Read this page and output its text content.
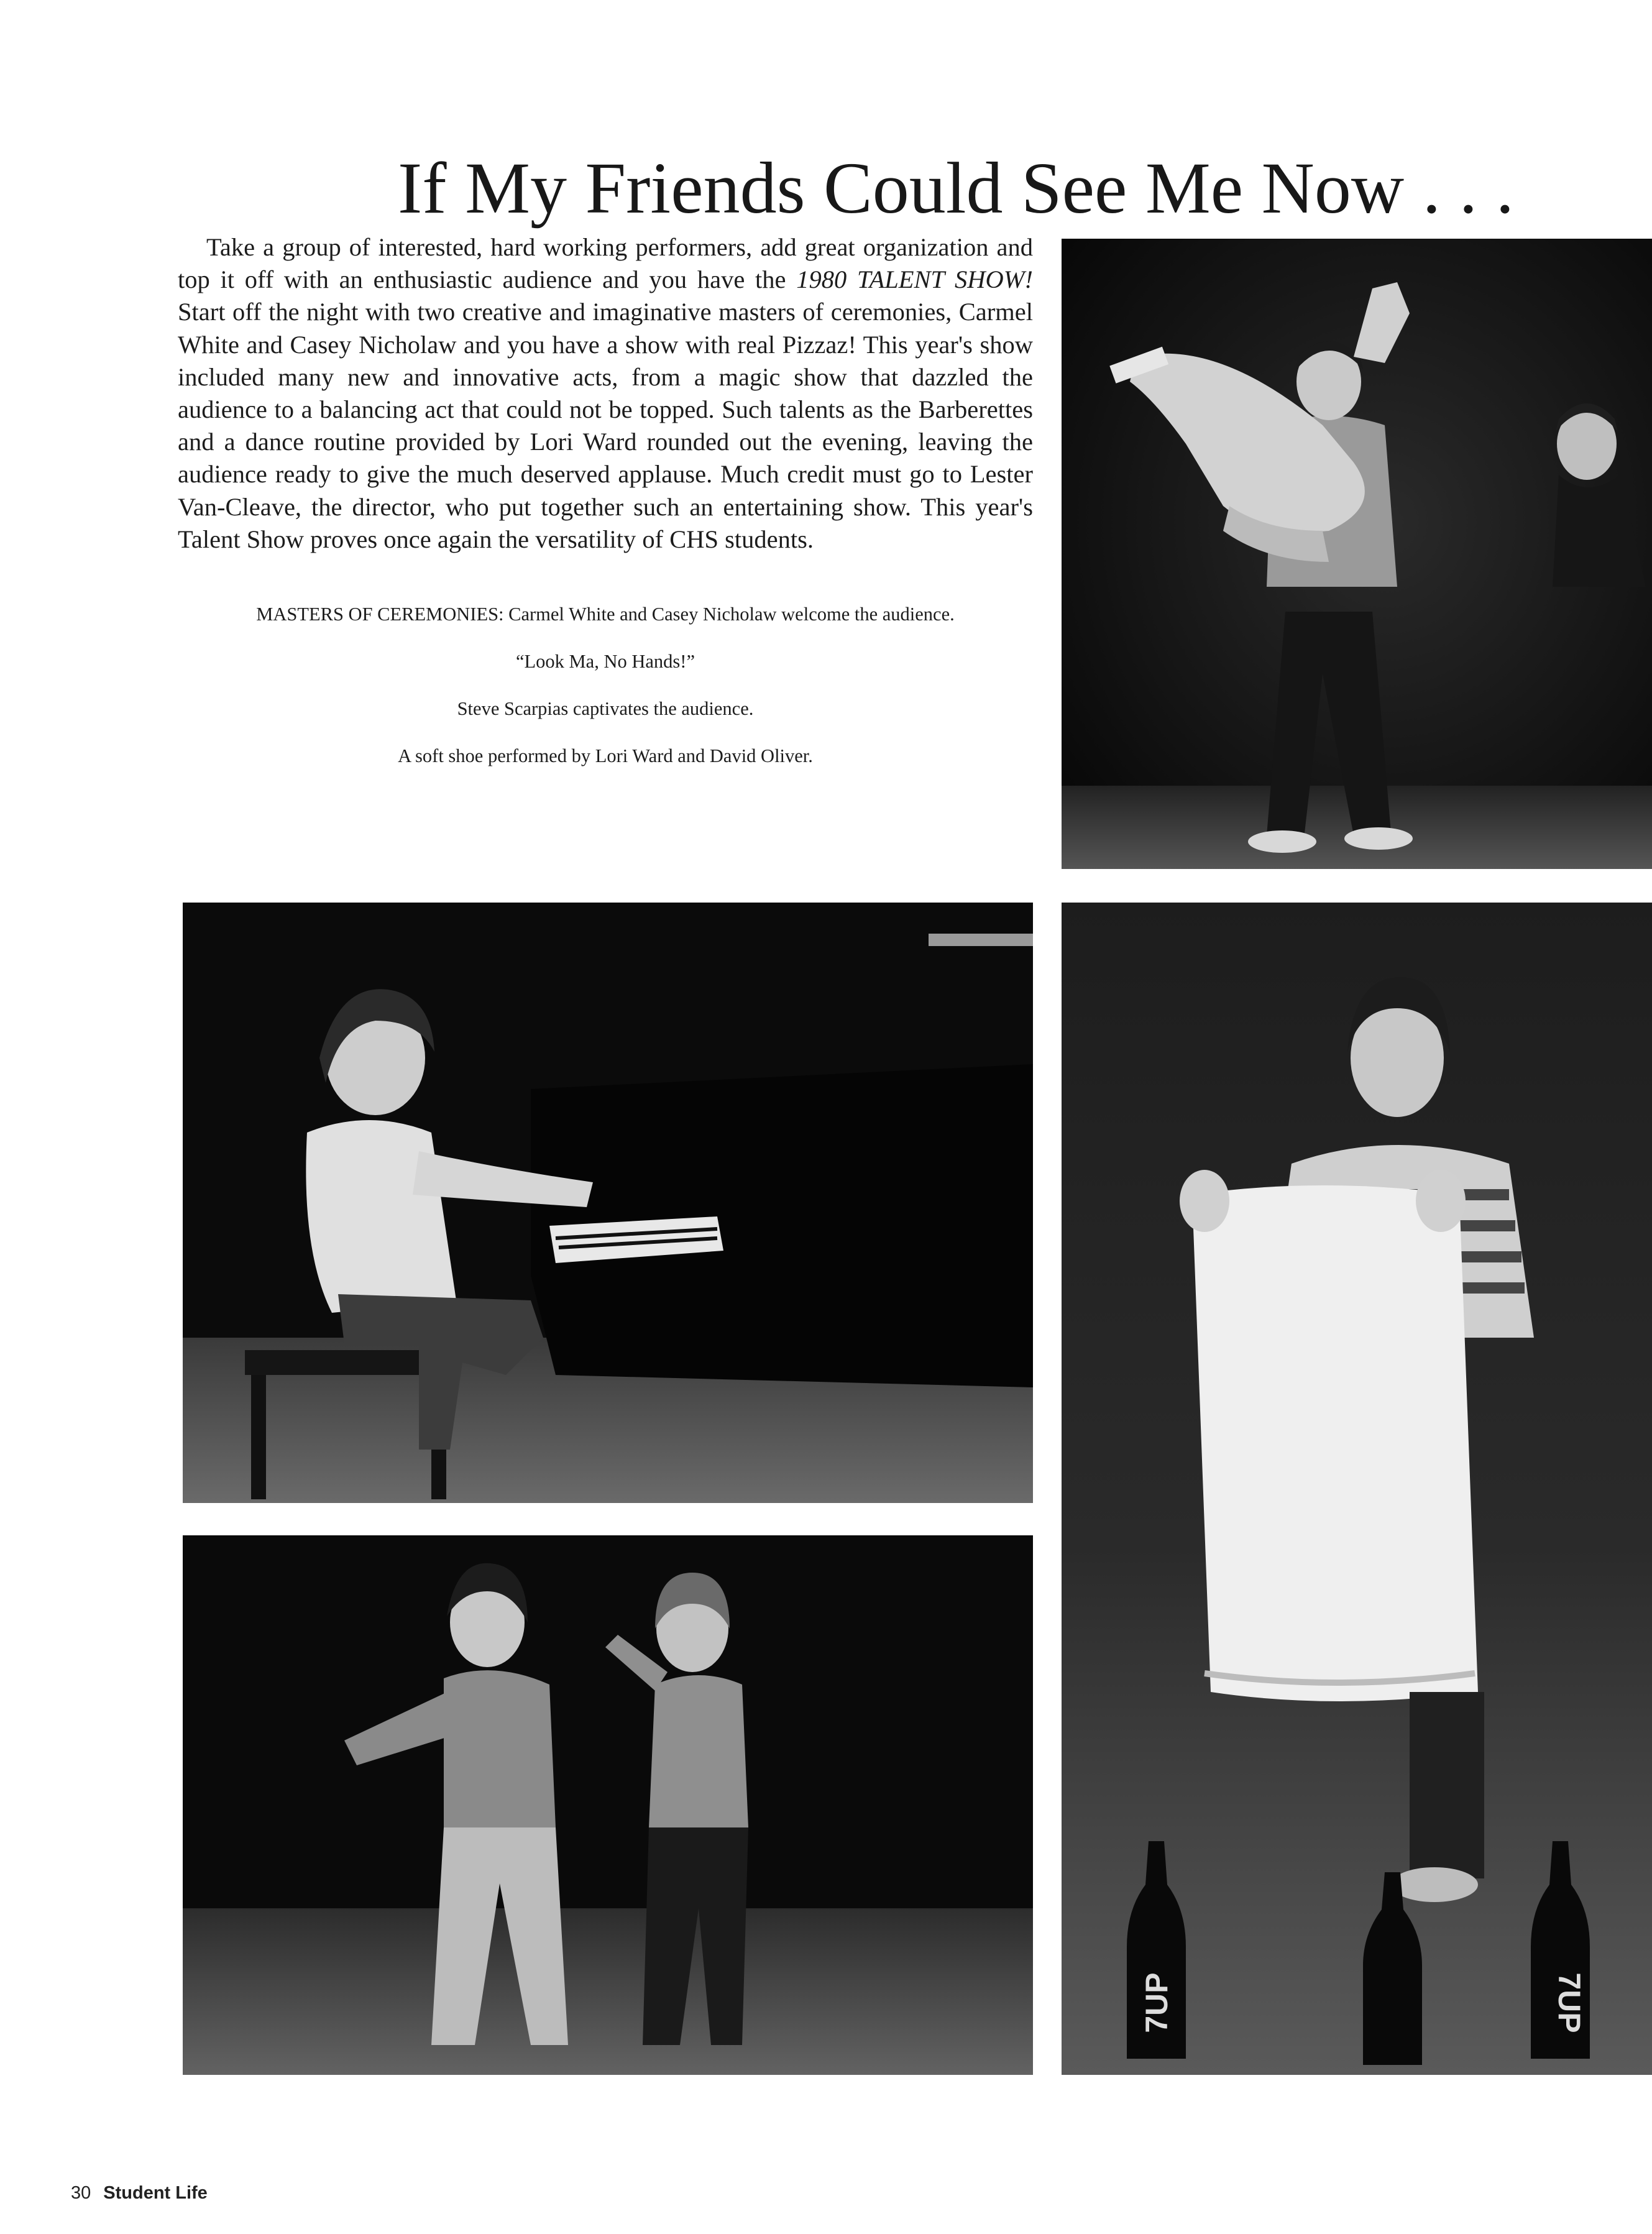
If My Friends Could See Me Now . . .

Take a group of interested, hard working performers, add great organization and top it off with an enthusiastic audience and you have the 1980 TALENT SHOW! Start off the night with two creative and imaginative masters of ceremonies, Carmel White and Casey Nicholaw and you have a show with real Pizzaz! This year's show included many new and innovative acts, from a magic show that dazzled the audience to a balancing act that could not be topped. Such talents as the Barberettes and a dance routine provided by Lori Ward rounded out the evening, leaving the audience ready to give the much deserved applause. Much credit must go to Lester Van-Cleave, the director, who put together such an entertaining show. This year's Talent Show proves once again the versatility of CHS students.

MASTERS OF CEREMONIES: Carmel White and Casey Nicholaw welcome the audience.

“Look Ma, No Hands!”

Steve Scarpias captivates the audience.

A soft shoe performed by Lori Ward and David Oliver.

7UP	7UP
30 Student Life
